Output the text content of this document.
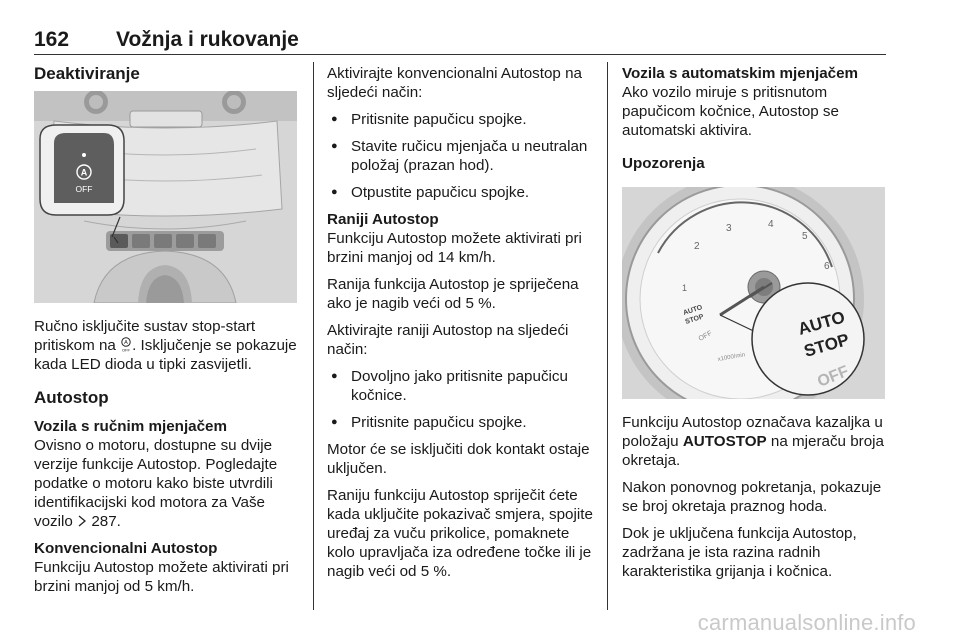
162 Vožnja i rukovanje
Deaktiviranje
A
OFF

Ručno isključite sustav stop-start pritiskom na A
OFF . Isključenje se pokazuje kada LED dioda u tipki zasvijetli.

Autostop
Vozila s ručnim mjenjačem

Ovisno o motoru, dostupne su dvije verzije funkcije Autostop. Pogledajte podatke o motoru kako biste utvrdili identifikacijski kod motora za Vaše vozilo 287.

Konvencionalni Autostop

Funkciju Autostop možete aktivirati pri brzini manjoj od 5 km/h.

Aktivirajte konvencionalni Autostop na sljedeći način:

● Pritisnite papučicu spojke.
● Stavite ručicu mjenjača u neutralan položaj (prazan hod).
● Otpustite papučicu spojke.
Raniji Autostop

Funkciju Autostop možete aktivirati pri brzini manjoj od 14 km/h.

Ranija funkcija Autostop je spriječena ako je nagib veći od 5 %.

Aktivirajte raniji Autostop na sljedeći način:

● Dovoljno jako pritisnite papučicu kočnice.
● Pritisnite papučicu spojke.

Motor će se isključiti dok kontakt ostaje uključen.

Raniju funkciju Autostop spriječit ćete kada uključite pokazivač smjera, spojite uređaj za vuču prikolice, pomaknete kolo upravljača iza određene točke ili je nagib veći od 5 %.

Vozila s automatskim mjenjačem

Ako vozilo miruje s pritisnutom papučicom kočnice, Autostop se automatski aktivira.

Upozorenja
1
2
3	4
5
6
AUTO
STOP
OFF
x1000/min
AUTO
STOP
OFF

Funkciju Autostop označava kazaljka u položaju AUTOSTOP na mjeraču broja okretaja.

Nakon ponovnog pokretanja, pokazuje se broj okretaja praznog hoda.

Dok je uključena funkcija Autostop, zadržana je ista razina radnih karakteristika grijanja i kočnica.

carmanualsonline.info
